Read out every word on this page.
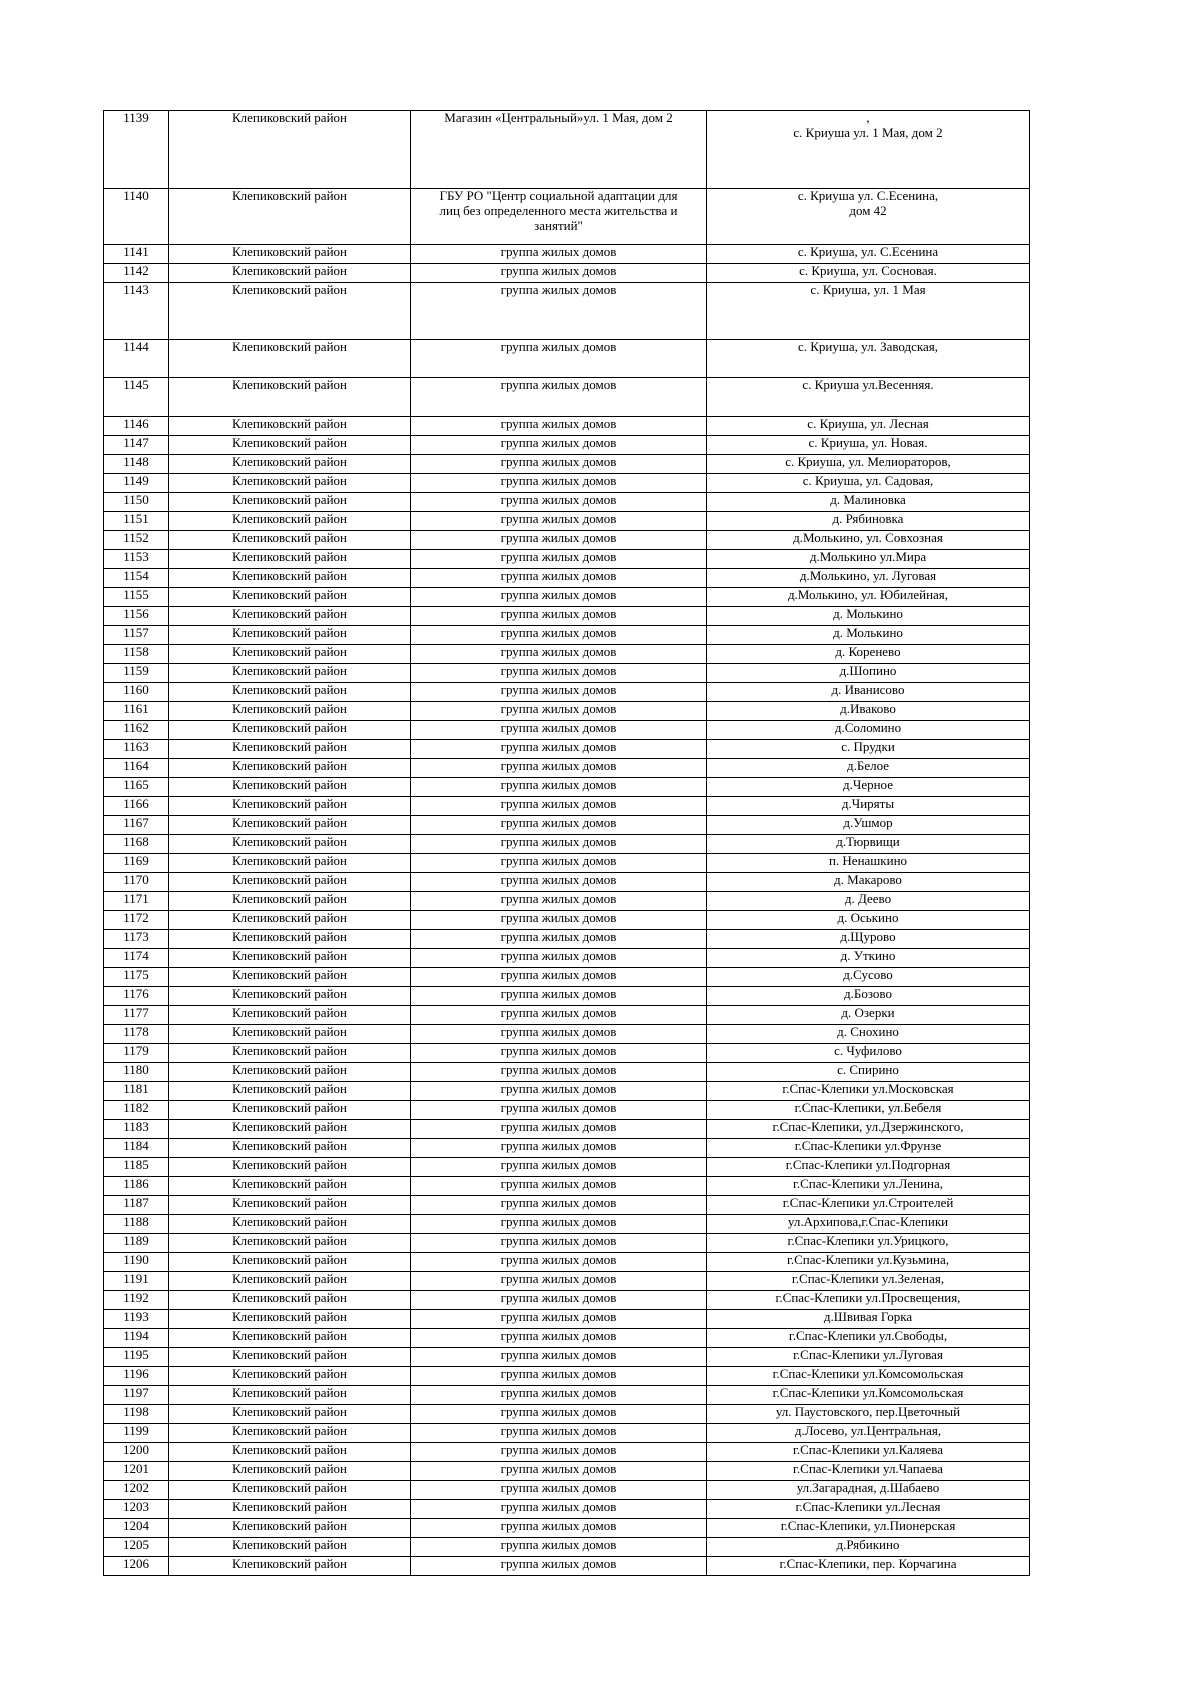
1139	Клепиковский район	Магазин «Центральный»ул. 1 Мая, дом 2	,
с. Криуша ул. 1 Мая, дом 2

1140	Клепиковский район	ГБУ РО "Центр социальной адаптации для
лиц без определенного места жительства и
занятий"	с. Криуша ул. С.Есенина,
дом 42

1141	Клепиковский район	группа жилых домов	с. Криуша, ул. С.Есенина

1142	Клепиковский район	группа жилых домов	с. Криуша, ул. Сосновая.

1143	Клепиковский район	группа жилых домов	с. Криуша, ул. 1 Мая

1144	Клепиковский район	группа жилых домов	с. Криуша, ул. Заводская,

1145	Клепиковский район	группа жилых домов	с. Криуша ул.Весенняя.

1146	Клепиковский район	группа жилых домов	с. Криуша, ул. Лесная

1147	Клепиковский район	группа жилых домов	с. Криуша, ул. Новая.

1148	Клепиковский район	группа жилых домов	с. Криуша, ул. Мелиораторов,

1149	Клепиковский район	группа жилых домов	с. Криуша, ул. Садовая,

1150	Клепиковский район	группа жилых домов	д. Малиновка

1151	Клепиковский район	группа жилых домов	д. Рябиновка

1152	Клепиковский район	группа жилых домов	д.Молькино, ул. Совхозная

1153	Клепиковский район	группа жилых домов	д.Молькино ул.Мира

1154	Клепиковский район	группа жилых домов	д.Молькино, ул. Луговая

1155	Клепиковский район	группа жилых домов	д.Молькино, ул. Юбилейная,

1156	Клепиковский район	группа жилых домов	д. Молькино

1157	Клепиковский район	группа жилых домов	д. Молькино

1158	Клепиковский район	группа жилых домов	д. Коренево

1159	Клепиковский район	группа жилых домов	д.Шопино

1160	Клепиковский район	группа жилых домов	д. Иванисово

1161	Клепиковский район	группа жилых домов	д.Иваково

1162	Клепиковский район	группа жилых домов	д.Соломино

1163	Клепиковский район	группа жилых домов	с. Прудки

1164	Клепиковский район	группа жилых домов	д.Белое

1165	Клепиковский район	группа жилых домов	д.Черное

1166	Клепиковский район	группа жилых домов	д.Чиряты

1167	Клепиковский район	группа жилых домов	д.Ушмор

1168	Клепиковский район	группа жилых домов	д.Тюрвищи

1169	Клепиковский район	группа жилых домов	п. Ненашкино

1170	Клепиковский район	группа жилых домов	д. Макарово

1171	Клепиковский район	группа жилых домов	д. Деево

1172	Клепиковский район	группа жилых домов	д. Оськино

1173	Клепиковский район	группа жилых домов	д.Щурово

1174	Клепиковский район	группа жилых домов	д. Уткино

1175	Клепиковский район	группа жилых домов	д.Сусово

1176	Клепиковский район	группа жилых домов	д.Бозово

1177	Клепиковский район	группа жилых домов	д. Озерки

1178	Клепиковский район	группа жилых домов	д. Снохино

1179	Клепиковский район	группа жилых домов	с. Чуфилово

1180	Клепиковский район	группа жилых домов	с. Спирино

1181	Клепиковский район	группа жилых домов	г.Спас-Клепики ул.Московская

1182	Клепиковский район	группа жилых домов	г.Спас-Клепики, ул.Бебеля

1183	Клепиковский район	группа жилых домов	г.Спас-Клепики, ул.Дзержинского,

1184	Клепиковский район	группа жилых домов	г.Спас-Клепики ул.Фрунзе

1185	Клепиковский район	группа жилых домов	г.Спас-Клепики ул.Подгорная

1186	Клепиковский район	группа жилых домов	г.Спас-Клепики ул.Ленина,

1187	Клепиковский район	группа жилых домов	г.Спас-Клепики ул.Строителей

1188	Клепиковский район	группа жилых домов	ул.Архипова,г.Спас-Клепики

1189	Клепиковский район	группа жилых домов	г.Спас-Клепики ул.Урицкого,

1190	Клепиковский район	группа жилых домов	г.Спас-Клепики ул.Кузьмина,

1191	Клепиковский район	группа жилых домов	г.Спас-Клепики ул.Зеленая,

1192	Клепиковский район	группа жилых домов	г.Спас-Клепики ул.Просвещения,

1193	Клепиковский район	группа жилых домов	д.Швивая Горка

1194	Клепиковский район	группа жилых домов	г.Спас-Клепики ул.Свободы,

1195	Клепиковский район	группа жилых домов	г.Спас-Клепики ул.Луговая

1196	Клепиковский район	группа жилых домов	г.Спас-Клепики ул.Комсомольская

1197	Клепиковский район	группа жилых домов	г.Спас-Клепики ул.Комсомольская

1198	Клепиковский район	группа жилых домов	ул. Паустовского, пер.Цветочный

1199	Клепиковский район	группа жилых домов	д.Лосево, ул.Центральная,

1200	Клепиковский район	группа жилых домов	г.Спас-Клепики ул.Каляева

1201	Клепиковский район	группа жилых домов	г.Спас-Клепики ул.Чапаева

1202	Клепиковский район	группа жилых домов	ул.Загарадная, д.Шабаево

1203	Клепиковский район	группа жилых домов	г.Спас-Клепики ул.Лесная

1204	Клепиковский район	группа жилых домов	г.Спас-Клепики, ул.Пионерская

1205	Клепиковский район	группа жилых домов	д.Рябикино

1206	Клепиковский район	группа жилых домов	г.Спас-Клепики, пер. Корчагина
